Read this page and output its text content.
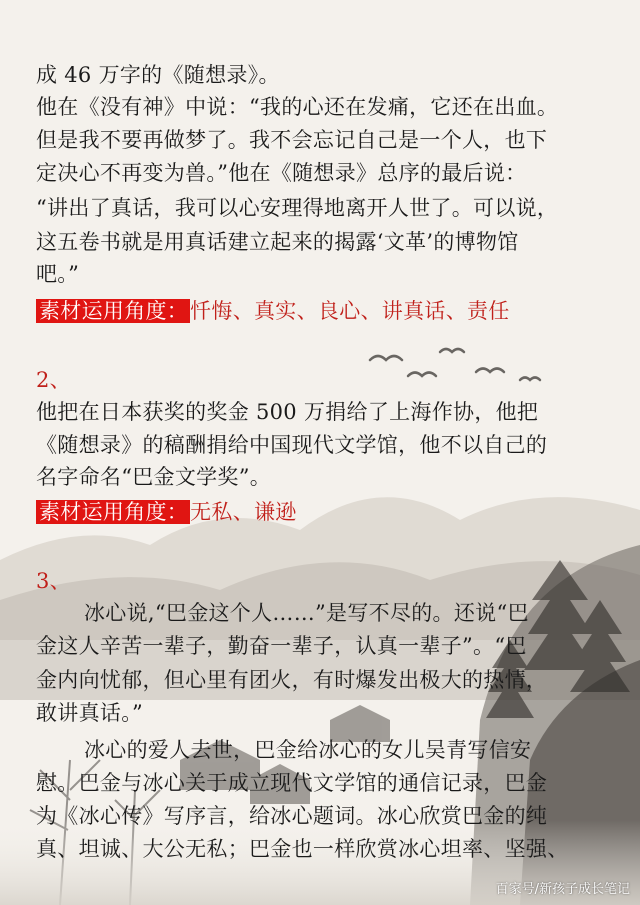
成 46 万字的《随想录》。
他在《没有神》中说：“我的心还在发痛，它还在出血。
但是我不要再做梦了。我不会忘记自己是一个人，也下
定决心不再变为兽。”他在《随想录》总序的最后说：
“讲出了真话，我可以心安理得地离开人世了。可以说，
这五卷书就是用真话建立起来的揭露‘文革’的博物馆
吧。”
素材运用角度：忏悔、真实、良心、讲真话、责任
2、
他把在日本获奖的奖金 500 万捐给了上海作协，他把
《随想录》的稿酬捐给中国现代文学馆，他不以自己的
名字命名“巴金文学奖”。
素材运用角度：无私、谦逊
3、
冰心说,“巴金这个人……”是写不尽的。还说“巴
金这人辛苦一辈子，勤奋一辈子，认真一辈子”。“巴
金内向忧郁，但心里有团火，有时爆发出极大的热情，
敢讲真话。”
冰心的爱人去世，巴金给冰心的女儿吴青写信安
慰。巴金与冰心关于成立现代文学馆的通信记录，巴金
为《冰心传》写序言，给冰心题词。冰心欣赏巴金的纯
真、坦诚、大公无私；巴金也一样欣赏冰心坦率、坚强、
百家号/新孩子成长笔记
